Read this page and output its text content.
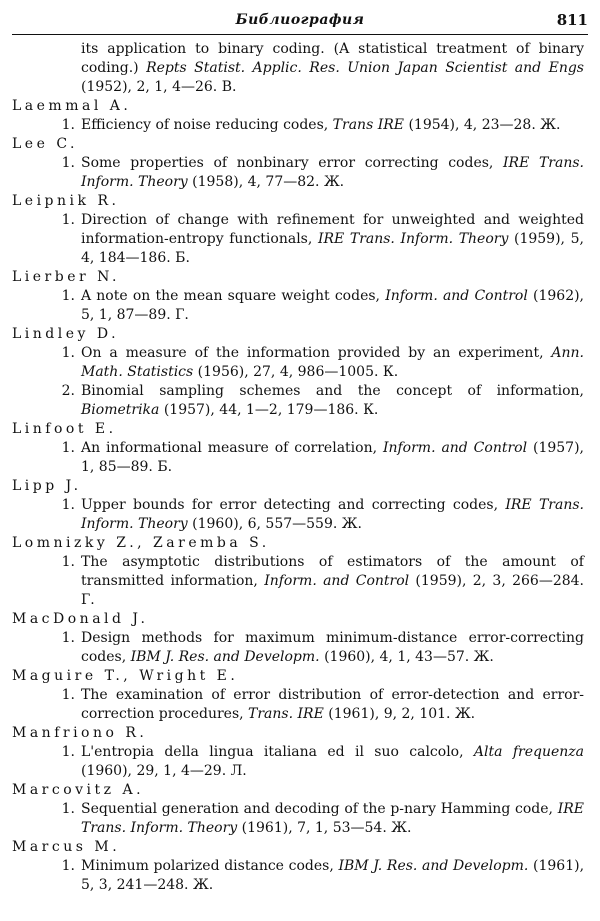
Библиография	811
its application to binary coding. (A statistical treatment of binary coding.) Repts Statist. Applic. Res. Union Japan Scientist and Engs (1952), 2, 1, 4—26. В.
Laemmal A.
1. Efficiency of noise reducing codes, Trans IRE (1954), 4, 23—28. Ж.
Lee C.
1. Some properties of nonbinary error correcting codes, IRE Trans. Inform. Theory (1958), 4, 77—82. Ж.
Leipnik R.
1. Direction of change with refinement for unweighted and weighted information-entropy functionals, IRE Trans. Inform. Theory (1959), 5, 4, 184—186. Б.
Lierber N.
1. A note on the mean square weight codes, Inform. and Control (1962), 5, 1, 87—89. Г.
Lindley D.
1. On a measure of the information provided by an experiment, Ann. Math. Statistics (1956), 27, 4, 986—1005. К.
2. Binomial sampling schemes and the concept of information, Biometrika (1957), 44, 1—2, 179—186. К.
Linfoot E.
1. An informational measure of correlation, Inform. and Control (1957), 1, 85—89. Б.
Lipp J.
1. Upper bounds for error detecting and correcting codes, IRE Trans. Inform. Theory (1960), 6, 557—559. Ж.
Lomnizky Z., Zaremba S.
1. The asymptotic distributions of estimators of the amount of transmitted information, Inform. and Control (1959), 2, 3, 266—284. Г.
MacDonald J.
1. Design methods for maximum minimum-distance error-correcting codes, IBM J. Res. and Developm. (1960), 4, 1, 43—57. Ж.
Maguire T., Wright E.
1. The examination of error distribution of error-detection and error-correction procedures, Trans. IRE (1961), 9, 2, 101. Ж.
Manfriono R.
1. L'entropia della lingua italiana ed il suo calcolo, Alta frequenza (1960), 29, 1, 4—29. Л.
Marcovitz A.
1. Sequential generation and decoding of the p-nary Hamming code, IRE Trans. Inform. Theory (1961), 7, 1, 53—54. Ж.
Marcus M.
1. Minimum polarized distance codes, IBM J. Res. and Developm. (1961), 5, 3, 241—248. Ж.
